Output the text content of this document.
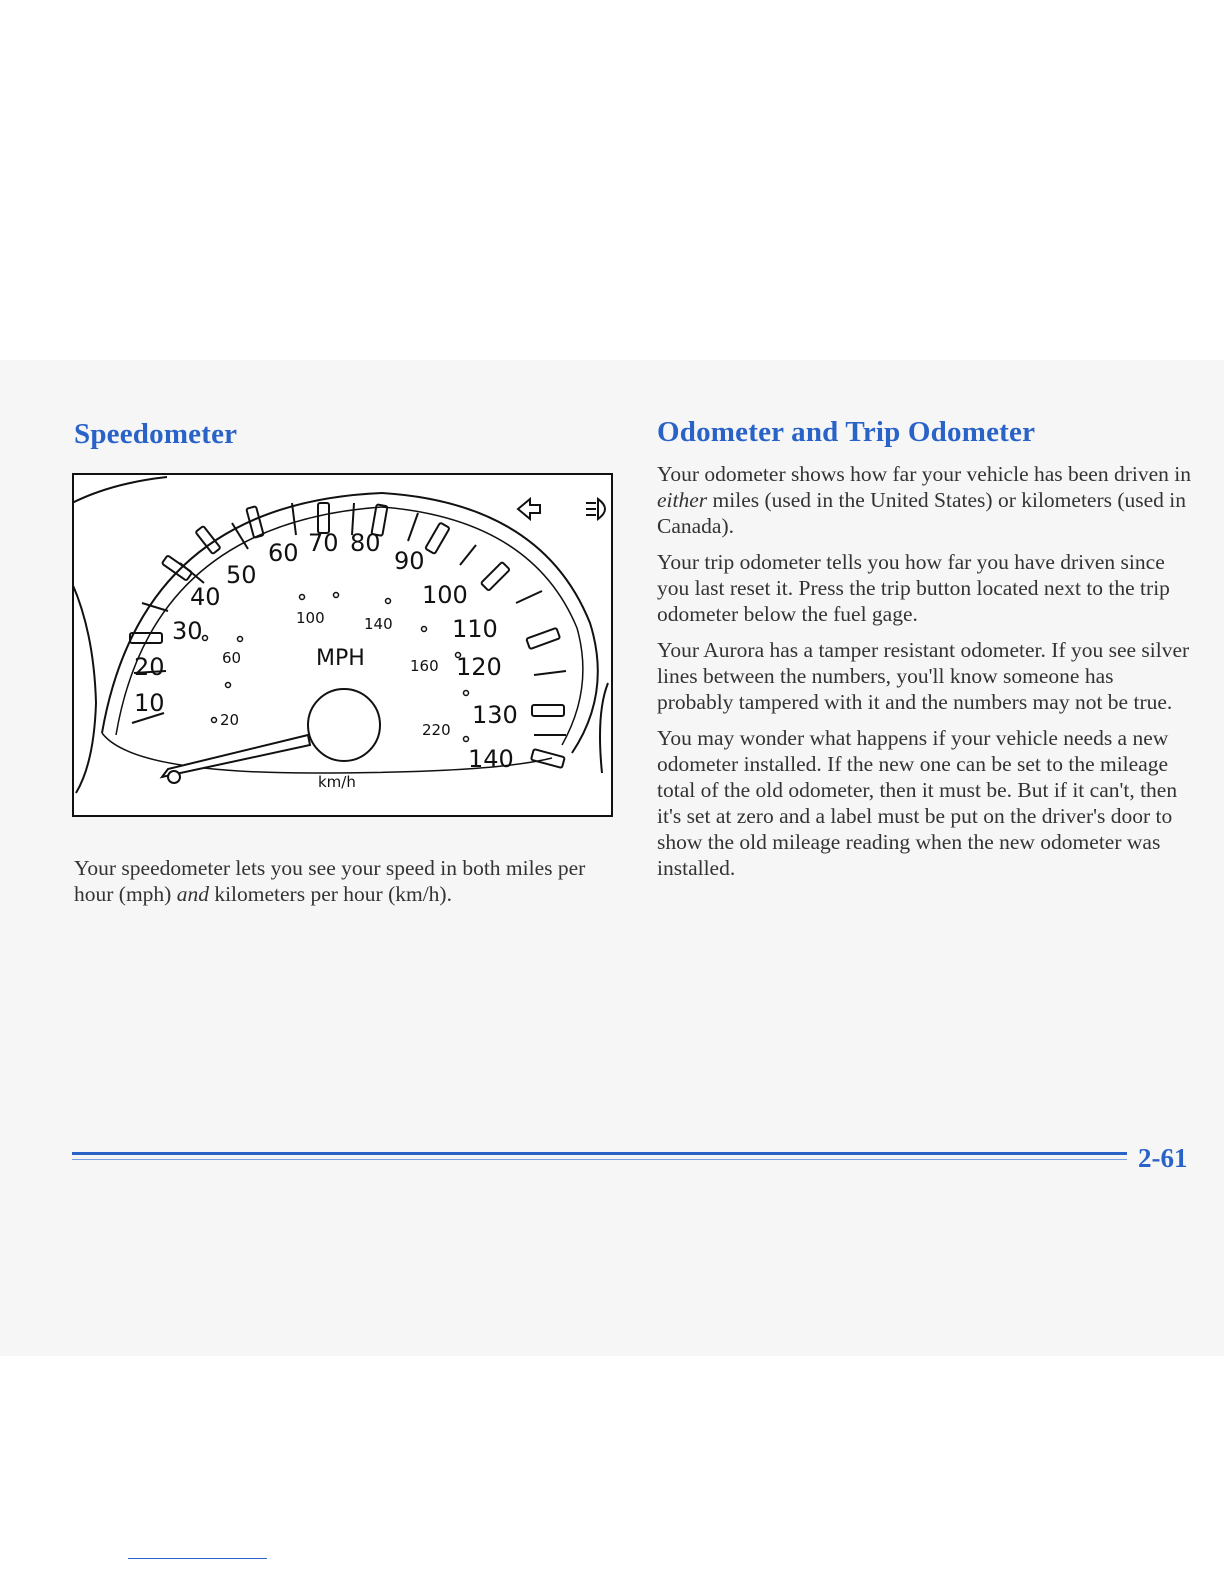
Speedometer
10
20
30
40
50
60 70 80
90
100
110
120
130
140
20
60
100	140
160
220
MPH
km/h

Your speedometer lets you see your speed in both miles per hour (mph) and kilometers per hour (km/h).

Odometer and Trip Odometer

Your odometer shows how far your vehicle has been driven in either miles (used in the United States) or kilometers (used in Canada).

Your trip odometer tells you how far you have driven since you last reset it. Press the trip button located next to the trip odometer below the fuel gage.

Your Aurora has a tamper resistant odometer. If you see silver lines between the numbers, you'll know someone has probably tampered with it and the numbers may not be true.

You may wonder what happens if your vehicle needs a new odometer installed. If the new one can be set to the mileage total of the old odometer, then it must be. But if it can't, then it's set at zero and a label must be put on the driver's door to show the old mileage reading when the new odometer was installed.

2-61
